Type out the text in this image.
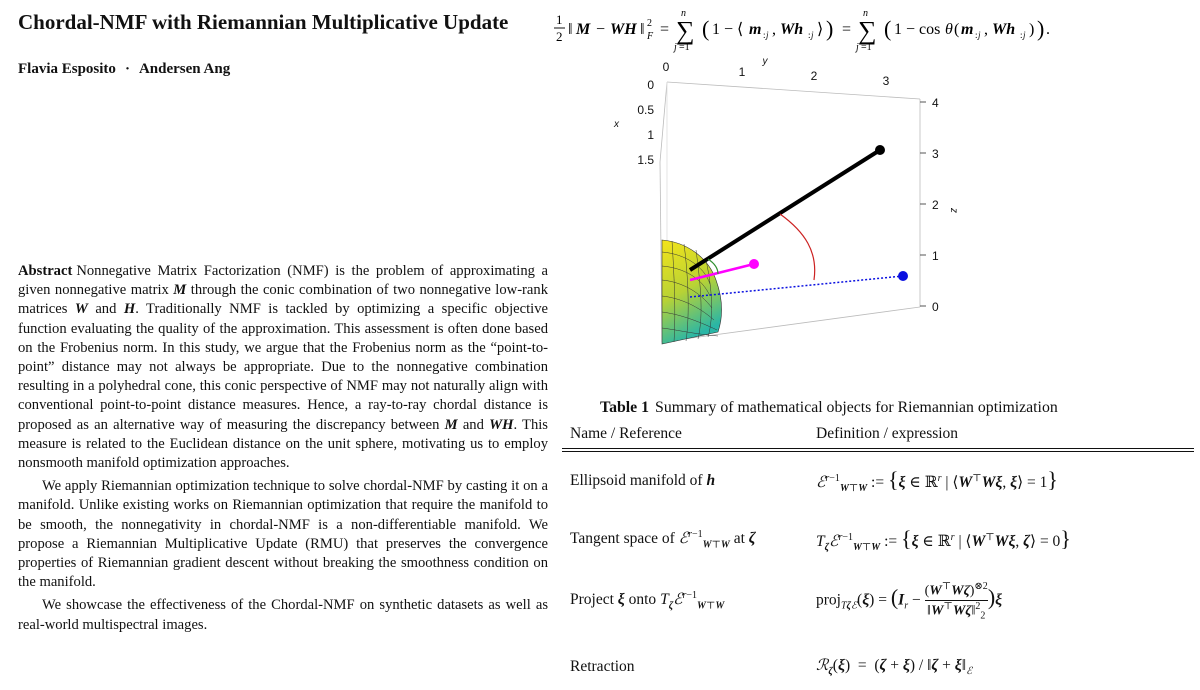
Chordal-NMF with Riemannian Multiplicative Update
Flavia Esposito · Andersen Ang

Abstract Nonnegative Matrix Factorization (NMF) is the problem of approximating a given nonnegative matrix M through the conic combination of two nonnegative low-rank matrices W and H. Traditionally NMF is tackled by optimizing a specific objective function evaluating the quality of the approximation. This assessment is often done based on the Frobenius norm. In this study, we argue that the Frobenius norm as the “point-to-point” distance may not always be appropriate. Due to the nonnegative combination resulting in a polyhedral cone, this conic perspective of NMF may not naturally align with conventional point-to-point distance measures. Hence, a ray-to-ray chordal distance is proposed as an alternative way of measuring the discrepancy between M and WH. This measure is related to the Euclidean distance on the unit sphere, motivating us to employ nonsmooth manifold optimization approaches.

We apply Riemannian optimization technique to solve chordal-NMF by casting it on a manifold. Unlike existing works on Riemannian optimization that require the manifold to be smooth, the nonnegativity in chordal-NMF is a non-differentiable manifold. We propose a Riemannian Multiplicative Update (RMU) that preserves the convergence properties of Riemannian gradient descent without breaking the smoothness condition on the manifold.

We showcase the effectiveness of the Chordal-NMF on synthetic datasets as well as real-world multispectral images.

1
2 ‖ M − WH ‖ 2
F = ∑
n
j =1
( 1 − ⟨ m : j , Wh : j ⟩ ) = ∑
n
j =1
( 1 − cos θ ( m : j , Wh : j ) ) .
0	1	2	3
y
0
0.5
1
1.5
x
0
1
2
3
4
z
Table 1 Summary of mathematical objects for Riemannian optimization
Name / Reference	Definition / expression
Ellipsoid manifold of h	ℰ$^{r-1}_{W⊤W}$ := {ξ ∈ ℝ$^r$ | ⟨W⊤Wξ, ξ⟩ = 1}
Tangent space of ℰ$^{r-1}_{W⊤W}$ at ζ	$T_\zeta ℰ^{r-1}_{W⊤W}$ := {ξ ∈ ℝ$^r$ | ⟨W⊤Wξ, ζ⟩ = 0}
Project ξ onto $T_\zeta ℰ^{r-1}_{W⊤W}$	proj$_{T\zeta ℰ}$(ξ) = $(I_r - \frac{(W^⊤W\zeta)^{\otimes 2}}{‖W^⊤W\zeta‖^2_2} )\xi$
Retraction	ℛ$_\zeta$(ξ)  =  (ζ + ξ) / ‖ζ + $\xi‖_ℰ$
